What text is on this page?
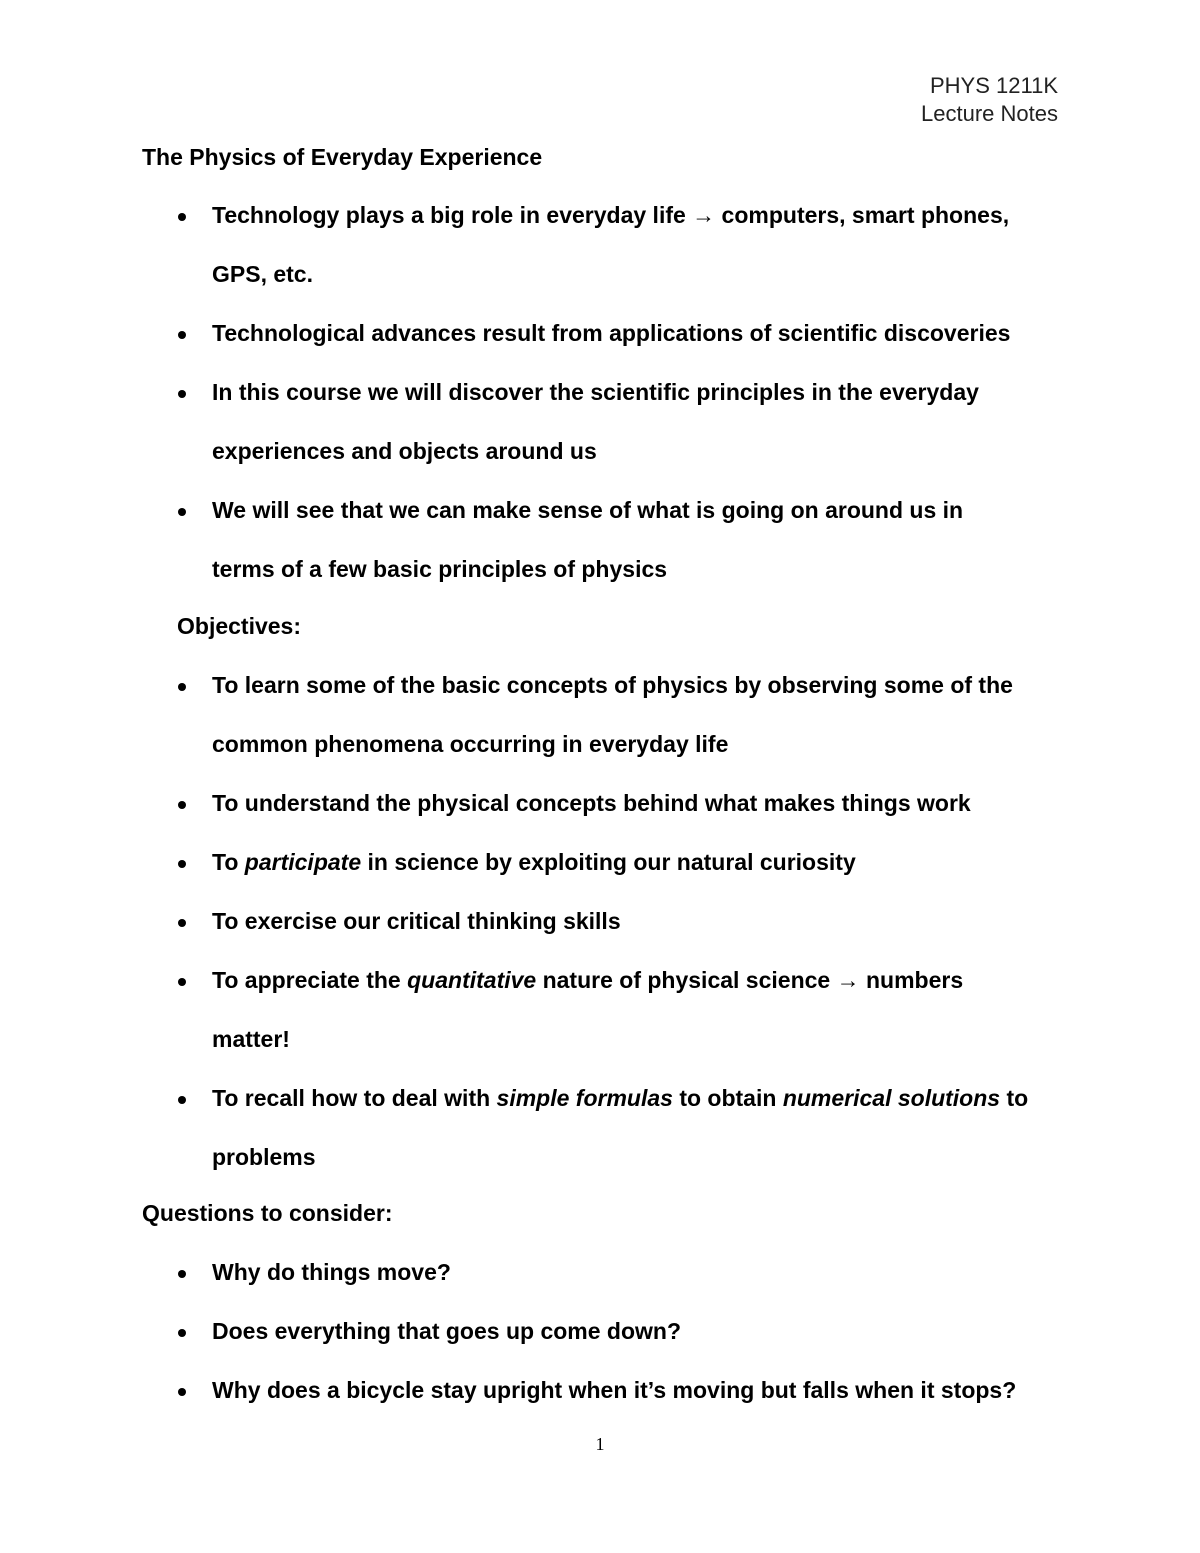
PHYS 1211K
Lecture Notes
The Physics of Everyday Experience
Technology plays a big role in everyday life → computers, smart phones, GPS, etc.
Technological advances result from applications of scientific discoveries
In this course we will discover the scientific principles in the everyday experiences and objects around us
We will see that we can make sense of what is going on around us in terms of a few basic principles of physics
Objectives:
To learn some of the basic concepts of physics by observing some of the common phenomena occurring in everyday life
To understand the physical concepts behind what makes things work
To participate in science by exploiting our natural curiosity
To exercise our critical thinking skills
To appreciate the quantitative nature of physical science → numbers matter!
To recall how to deal with simple formulas to obtain numerical solutions to problems
Questions to consider:
Why do things move?
Does everything that goes up come down?
Why does a bicycle stay upright when it’s moving but falls when it stops?
1
